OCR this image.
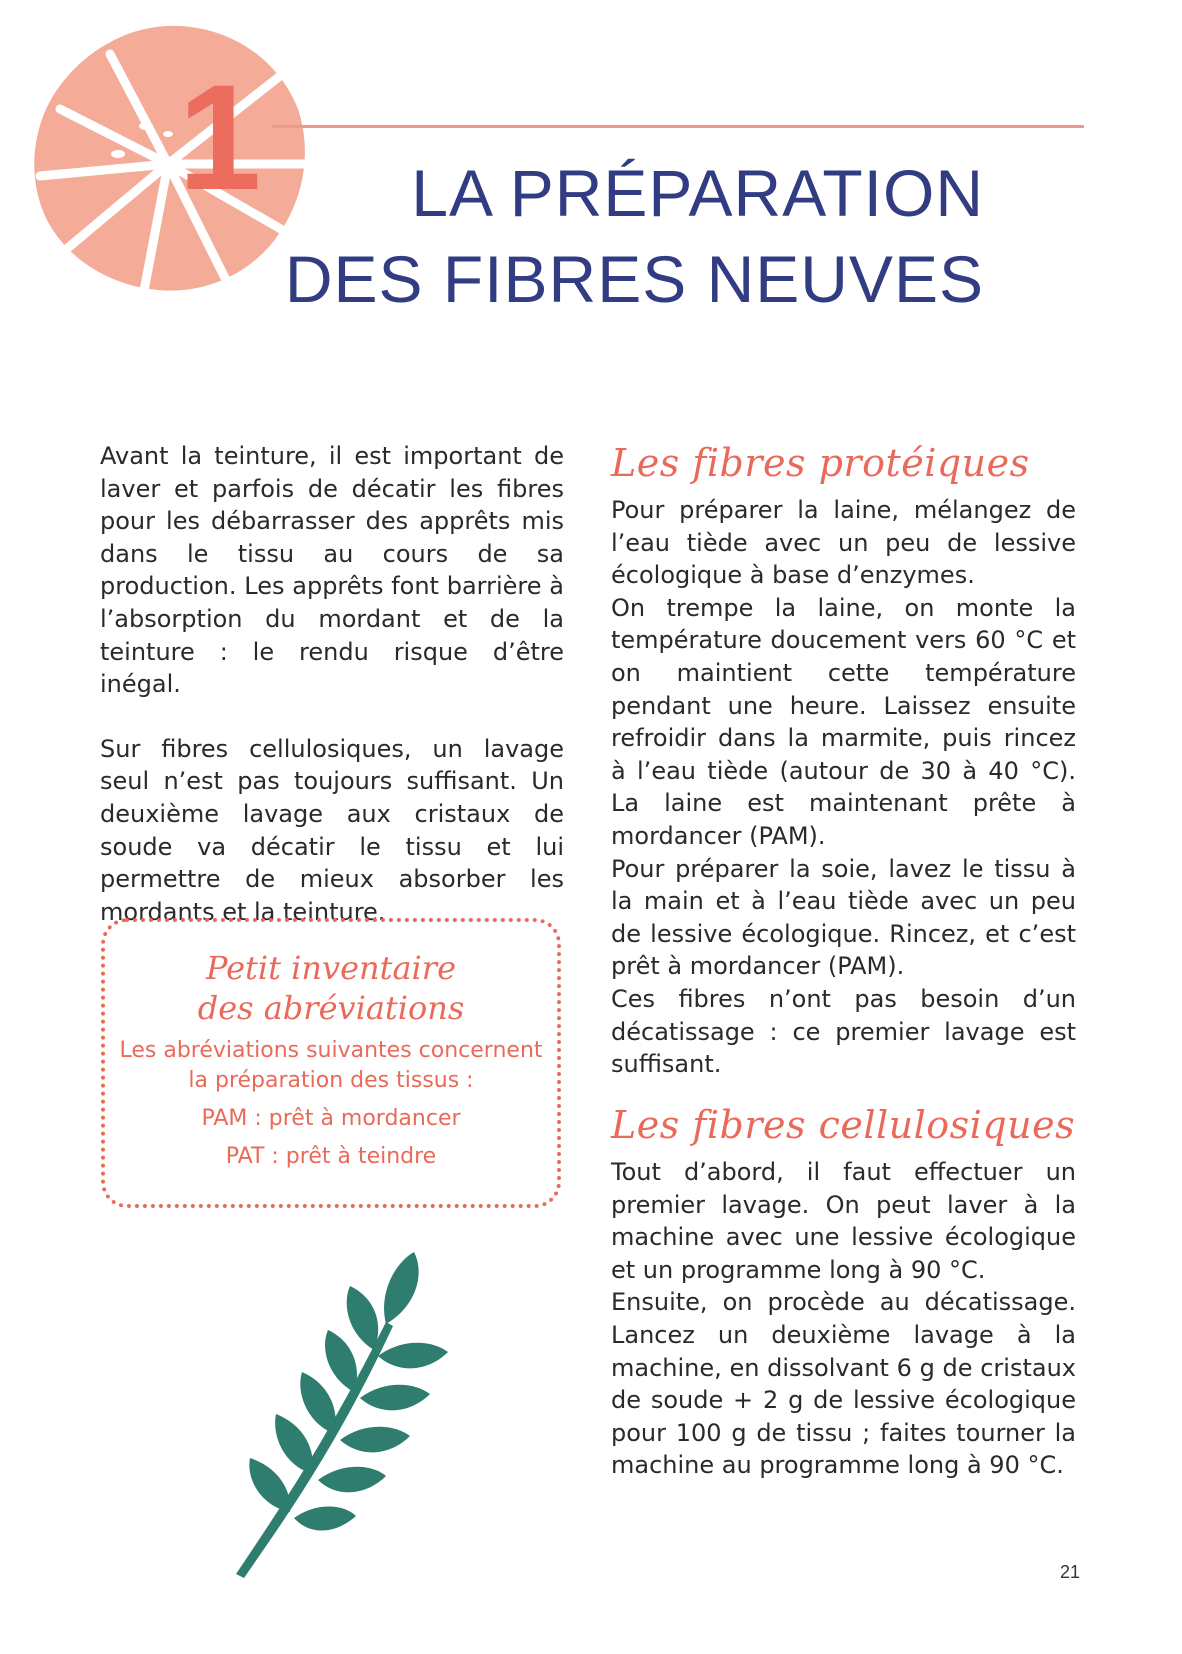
1	LA PRÉPARATION
DES FIBRES NEUVES

Avant la teinture, il est important de laver et parfois de décatir les fibres pour les débarrasser des apprêts mis dans le tissu au cours de sa production. Les apprêts font barrière à l’absorption du mordant et de la teinture : le rendu risque d’être inégal.

Sur fibres cellulosiques, un lavage seul n’est pas toujours suffisant. Un deuxième lavage aux cristaux de soude va décatir le tissu et lui permettre de mieux absorber les mordants et la teinture.

Petit inventaire
des abréviations
Les abréviations suivantes concernent la préparation des tissus :
PAM : prêt à mordancer
PAT : prêt à teindre
Les fibres protéiques

Pour préparer la laine, mélangez de l’eau tiède avec un peu de lessive écologique à base d’enzymes.

On trempe la laine, on monte la température doucement vers 60 °C et on maintient cette température pendant une heure. Laissez ensuite refroidir dans la marmite, puis rincez à l’eau tiède (autour de 30 à 40 °C). La laine est maintenant prête à mordancer (PAM).

Pour préparer la soie, lavez le tissu à la main et à l’eau tiède avec un peu de lessive écologique. Rincez, et c’est prêt à mordancer (PAM).

Ces fibres n’ont pas besoin d’un décatissage : ce premier lavage est suffisant.

Les fibres cellulosiques

Tout d’abord, il faut effectuer un premier lavage. On peut laver à la machine avec une lessive écologique et un programme long à 90 °C.

Ensuite, on procède au décatissage. Lancez un deuxième lavage à la machine, en dissolvant 6 g de cristaux de soude + 2 g de lessive écologique pour 100 g de tissu ; faites tourner la machine au programme long à 90 °C.

21
